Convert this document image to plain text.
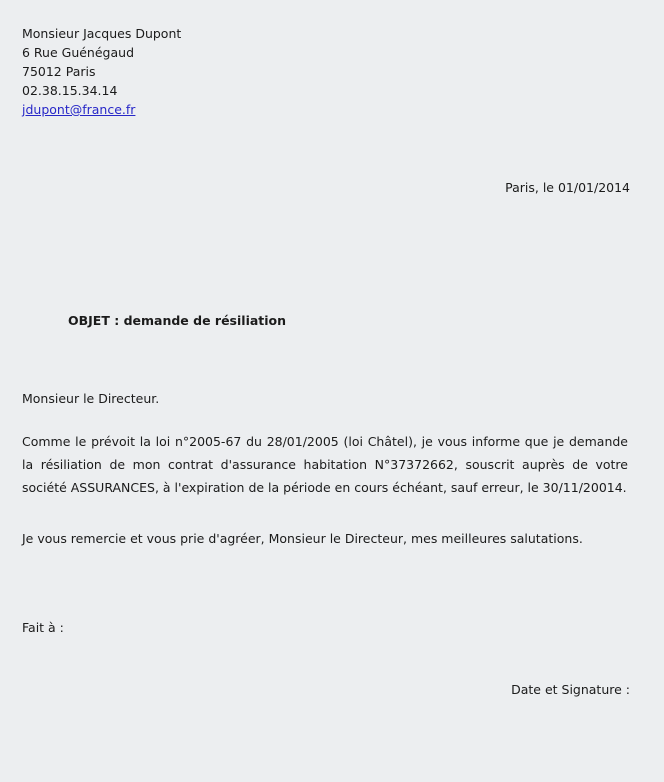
Monsieur Jacques Dupont
6 Rue Guénégaud
75012 Paris
02.38.15.34.14
jdupont@france.fr
Paris, le 01/01/2014
OBJET : demande de résiliation
Monsieur le Directeur.
Comme le prévoit la loi n°2005-67 du 28/01/2005 (loi Châtel), je vous informe que je demande la résiliation de mon contrat d'assurance habitation N°37372662, souscrit auprès de votre société ASSURANCES, à l'expiration de la période en cours échéant, sauf erreur, le 30/11/20014.
Je vous remercie et vous prie d'agréer, Monsieur le Directeur, mes meilleures salutations.
Fait à :
Date et Signature :
